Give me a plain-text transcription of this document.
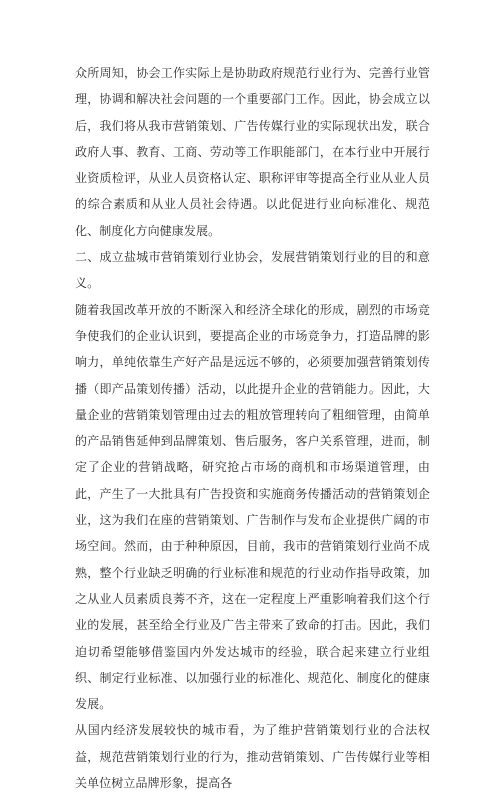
众所周知，协会工作实际上是协助政府规范行业行为、完善行业管理，协调和解决社会问题的一个重要部门工作。因此，协会成立以后，我们将从我市营销策划、广告传媒行业的实际现状出发，联合政府人事、教育、工商、劳动等工作职能部门，在本行业中开展行业资质检评，从业人员资格认定、职称评审等提高全行业从业人员的综合素质和从业人员社会待遇。以此促进行业向标准化、规范化、制度化方向健康发展。

二、成立盐城市营销策划行业协会，发展营销策划行业的目的和意义。

随着我国改革开放的不断深入和经济全球化的形成，剧烈的市场竞争使我们的企业认识到，要提高企业的市场竞争力，打造品牌的影响力，单纯依靠生产好产品是远远不够的，必须要加强营销策划传播（即产品策划传播）活动，以此提升企业的营销能力。因此，大量企业的营销策划管理由过去的粗放管理转向了粗细管理，由简单的产品销售延伸到品牌策划、售后服务，客户关系管理，进而，制定了企业的营销战略，研究抢占市场的商机和市场渠道管理，由此，产生了一大批具有广告投资和实施商务传播活动的营销策划企业，这为我们在座的营销策划、广告制作与发布企业提供广阔的市场空间。然而，由于种种原因，目前，我市的营销策划行业尚不成熟，整个行业缺乏明确的行业标准和规范的行业动作指导政策，加之从业人员素质良莠不齐，这在一定程度上严重影响着我们这个行业的发展，甚至给全行业及广告主带来了致命的打击。因此，我们迫切希望能够借鉴国内外发达城市的经验，联合起来建立行业组织、制定行业标准、以加强行业的标准化、规范化、制度化的健康发展。

从国内经济发展较快的城市看，为了维护营销策划行业的合法权益，规范营销策划行业的行为，推动营销策划、广告传媒行业等相关单位树立品牌形象，提高各
